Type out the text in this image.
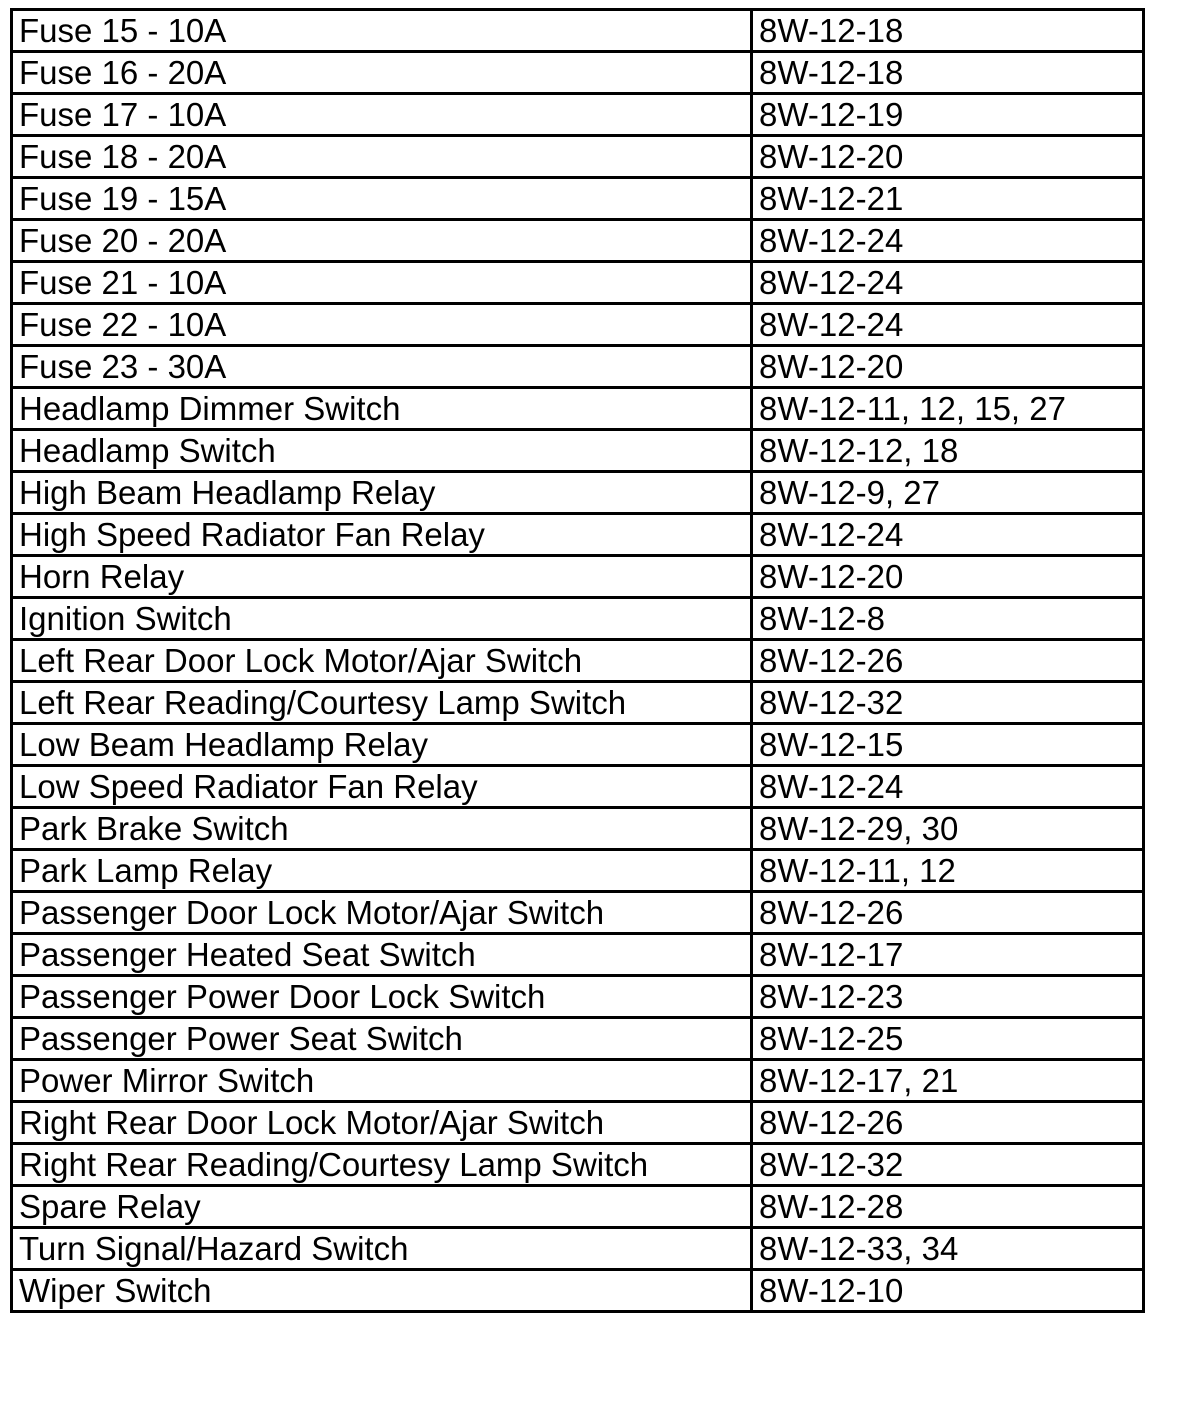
Fuse 15 - 10A	8W-12-18
Fuse 16 - 20A	8W-12-18
Fuse 17 - 10A	8W-12-19
Fuse 18 - 20A	8W-12-20
Fuse 19 - 15A	8W-12-21
Fuse 20 - 20A	8W-12-24
Fuse 21 - 10A	8W-12-24
Fuse 22 - 10A	8W-12-24
Fuse 23 - 30A	8W-12-20
Headlamp Dimmer Switch	8W-12-11, 12, 15, 27
Headlamp Switch	8W-12-12, 18
High Beam Headlamp Relay	8W-12-9, 27
High Speed Radiator Fan Relay	8W-12-24
Horn Relay	8W-12-20
Ignition Switch	8W-12-8
Left Rear Door Lock Motor/Ajar Switch	8W-12-26
Left Rear Reading/Courtesy Lamp Switch	8W-12-32
Low Beam Headlamp Relay	8W-12-15
Low Speed Radiator Fan Relay	8W-12-24
Park Brake Switch	8W-12-29, 30
Park Lamp Relay	8W-12-11, 12
Passenger Door Lock Motor/Ajar Switch	8W-12-26
Passenger Heated Seat Switch	8W-12-17
Passenger Power Door Lock Switch	8W-12-23
Passenger Power Seat Switch	8W-12-25
Power Mirror Switch	8W-12-17, 21
Right Rear Door Lock Motor/Ajar Switch	8W-12-26
Right Rear Reading/Courtesy Lamp Switch	8W-12-32
Spare Relay	8W-12-28
Turn Signal/Hazard Switch	8W-12-33, 34
Wiper Switch	8W-12-10
